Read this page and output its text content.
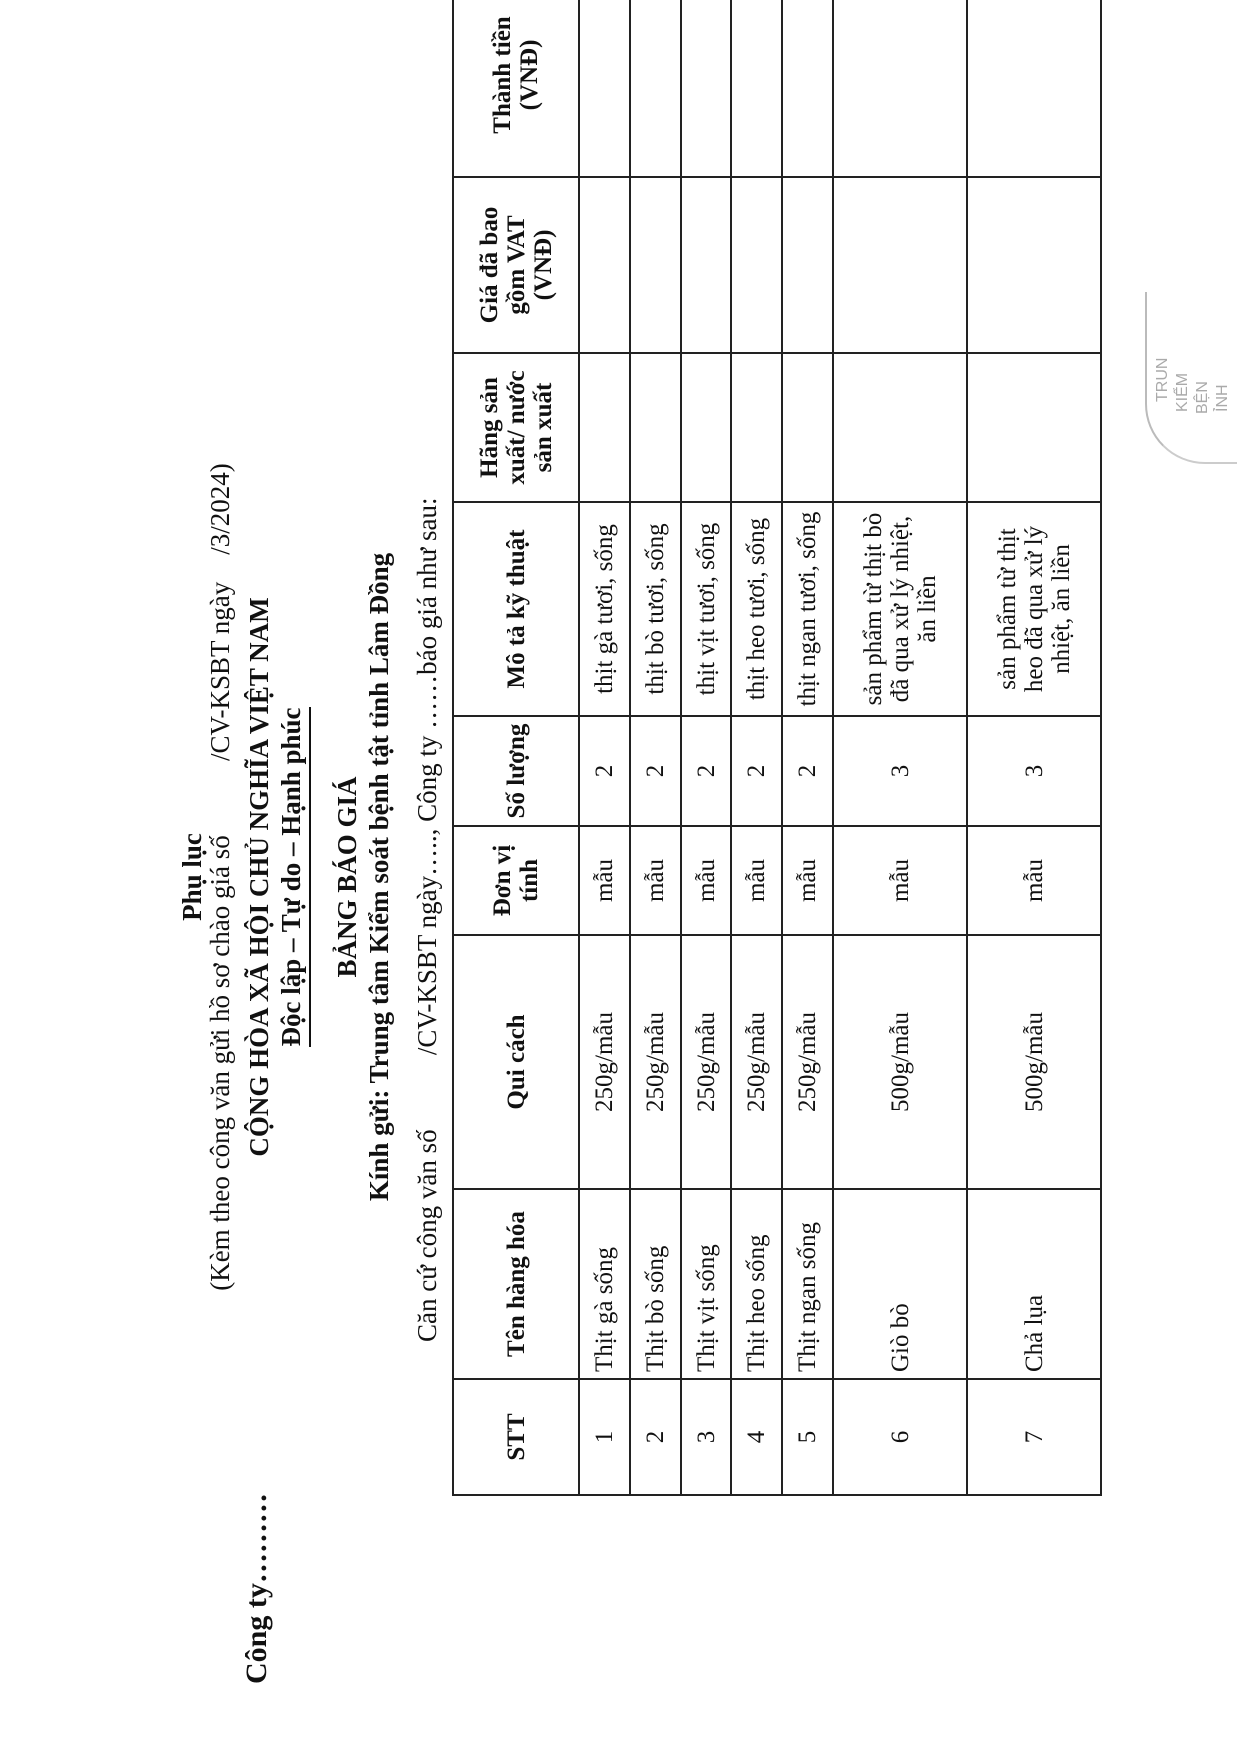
Công ty………
Phụ lục
(Kèm theo công văn gửi hồ sơ chào giá số           /CV-KSBT ngày    /3/2024) CỘNG HÒA XÃ HỘI CHỦ NGHĨA VIỆT NAM Độc lập – Tự do – Hạnh phúc BẢNG BÁO GIÁ Kính gửi: Trung tâm Kiểm soát bệnh tật tỉnh Lâm Đồng Căn cứ công văn số           /CV-KSBT ngày….., Công ty ……báo giá như sau:
STT	Tên hàng hóa	Qui cách	Đơn vị tính	Số lượng	Mô tả kỹ thuật	Hãng sản xuất/ nước sản xuất	Giá đã bao gồm VAT (VNĐ)	Thành tiền (VNĐ)
1	Thịt gà sống	250g/mẫu	mẫu	2	thịt gà tươi, sống			
2	Thịt bò sống	250g/mẫu	mẫu	2	thịt bò tươi, sống			
3	Thịt vịt sống	250g/mẫu	mẫu	2	thịt vịt tươi, sống			
4	Thịt heo sống	250g/mẫu	mẫu	2	thịt heo tươi, sống			
5	Thịt ngan sống	250g/mẫu	mẫu	2	thịt ngan tươi, sống			
6	Giò bò	500g/mẫu	mẫu	3	sản phẩm từ thịt bò đã qua xử lý nhiệt, ăn liền			
7	Chả lụa	500g/mẫu	mẫu	3	sản phẩm từ thịt heo đã qua xử lý nhiệt, ăn liền			
TRUN KIỂM BỆN ỈNH
